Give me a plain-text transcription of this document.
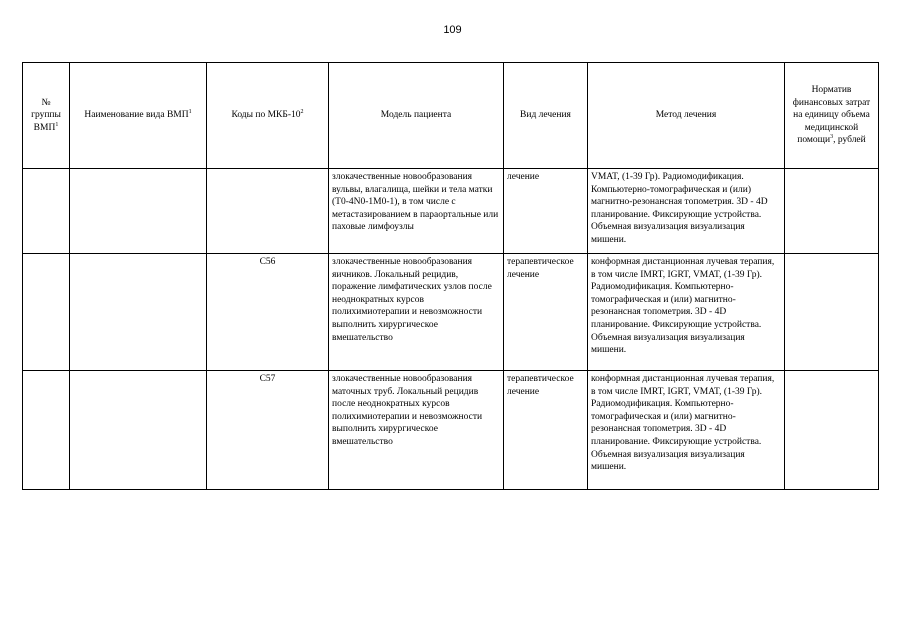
109
№ группы ВМП$^1$	Наименование вида ВМП$^1$	Коды по МКБ-$10^2$	Модель пациента	Вид лечения	Метод лечения	Норматив финансовых затрат на единицу объема медицинской помощи$^3$, рублей

			злокачественные новообразования вульвы, влагалища, шейки и тела матки (T0-4N0-1M0-1), в том числе с метастазированием в параортальные или паховые лимфоузлы	лечение	VMAT, (1-39 Гр). Радиомодификация. Компьютерно-томографическая и (или) магнитно-резонансная топометрия. 3D - 4D планирование. Фиксирующие устройства. Объемная визуализация визуализация мишени.	

		C56	злокачественные новообразования яичников. Локальный рецидив, поражение лимфатических узлов после неоднократных курсов полихимиотерапии и невозможности выполнить хирургическое вмешательство	терапевтическое лечение	конформная дистанционная лучевая терапия, в том числе IMRT, IGRT, VMAT, (1-39 Гр). Радиомодификация. Компьютерно-томографическая и (или) магнитно-резонансная топометрия. 3D - 4D планирование. Фиксирующие устройства. Объемная визуализация визуализация мишени.	

		C57	злокачественные новообразования маточных труб. Локальный рецидив после неоднократных курсов полихимиотерапии и невозможности выполнить хирургическое вмешательство	терапевтическое лечение	конформная дистанционная лучевая терапия, в том числе IMRT, IGRT, VMAT, (1-39 Гр). Радиомодификация. Компьютерно-томографическая и (или) магнитно-резонансная топометрия. 3D - 4D планирование. Фиксирующие устройства. Объемная визуализация визуализация мишени.	
